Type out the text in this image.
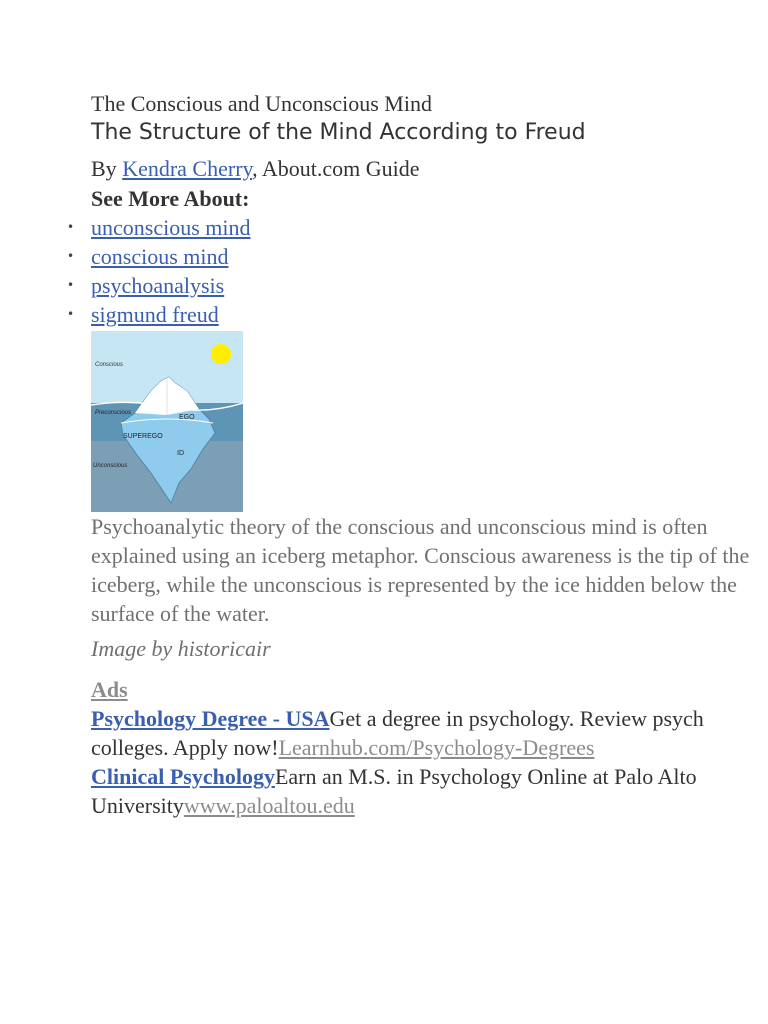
The Conscious and Unconscious Mind
The Structure of the Mind According to Freud

By Kendra Cherry, About.com Guide

See More About:

• unconscious mind
• conscious mind
• psychoanalysis
• sigmund freud
Conscious
Preconscious
Unconscious
EGO
SUPEREGO
ID

Psychoanalytic theory of the conscious and unconscious mind is often explained using an iceberg metaphor. Conscious awareness is the tip of the iceberg, while the unconscious is represented by the ice hidden below the surface of the water.

Image by historicair

Ads

Psychology Degree - USAGet a degree in psychology. Review psych colleges. Apply now!Learnhub.com/Psychology-Degrees

Clinical PsychologyEarn an M.S. in Psychology Online at Palo Alto Universitywww.paloaltou.edu
